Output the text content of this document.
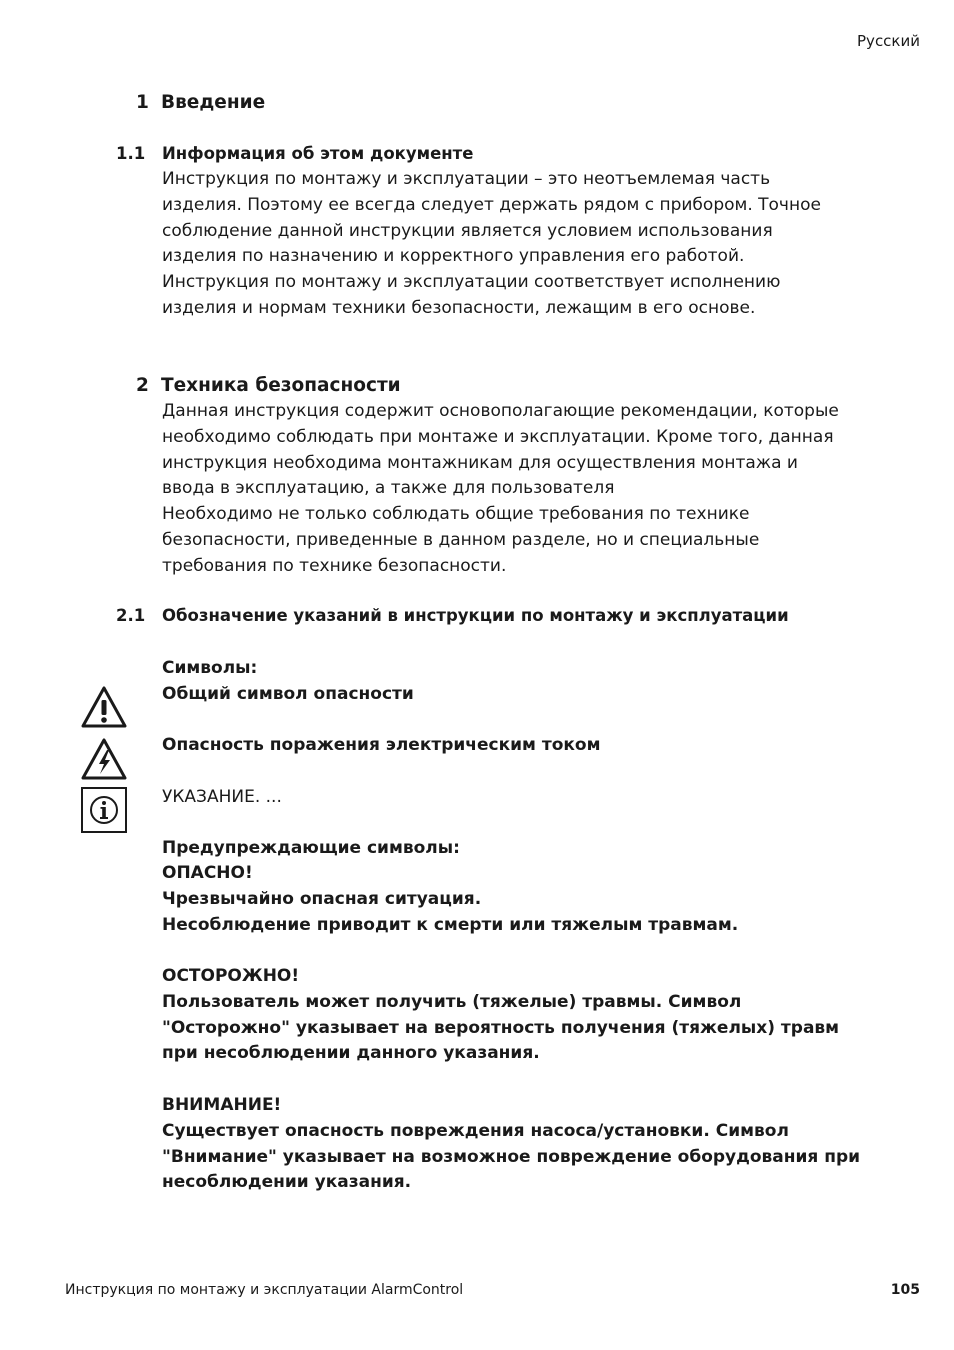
Русский
1 Введение
1.1 Информация об этом документе
Инструкция по монтажу и эксплуатации – это неотъемлемая часть
изделия. Поэтому ее всегда следует держать рядом с прибором. Точное
соблюдение данной инструкции является условием использования
изделия по назначению и корректного управления его работой.
Инструкция по монтажу и эксплуатации соответствует исполнению
изделия и нормам техники безопасности, лежащим в его основе.
2 Техника безопасности
Данная инструкция содержит основополагающие рекомендации, которые
необходимо соблюдать при монтаже и эксплуатации. Кроме того, данная
инструкция необходима монтажникам для осуществления монтажа и
ввода в эксплуатацию, а также для пользователя
Необходимо не только соблюдать общие требования по технике
безопасности, приведенные в данном разделе, но и специальные
требования по технике безопасности.
2.1 Обозначение указаний в инструкции по монтажу и эксплуатации
Символы:
Общий символ опасности
Опасность поражения электрическим током
УКАЗАНИЕ. ...
Предупреждающие символы:
ОПАСНО!
Чрезвычайно опасная ситуация.
Несоблюдение приводит к смерти или тяжелым травмам.
ОСТОРОЖНО!
Пользователь может получить (тяжелые) травмы. Символ
"Осторожно" указывает на вероятность получения (тяжелых) травм
при несоблюдении данного указания.
ВНИМАНИЕ!
Существует опасность повреждения насоса/установки. Символ
"Внимание" указывает на возможное повреждение оборудования при
несоблюдении указания.
Инструкция по монтажу и эксплуатации AlarmControl	105
